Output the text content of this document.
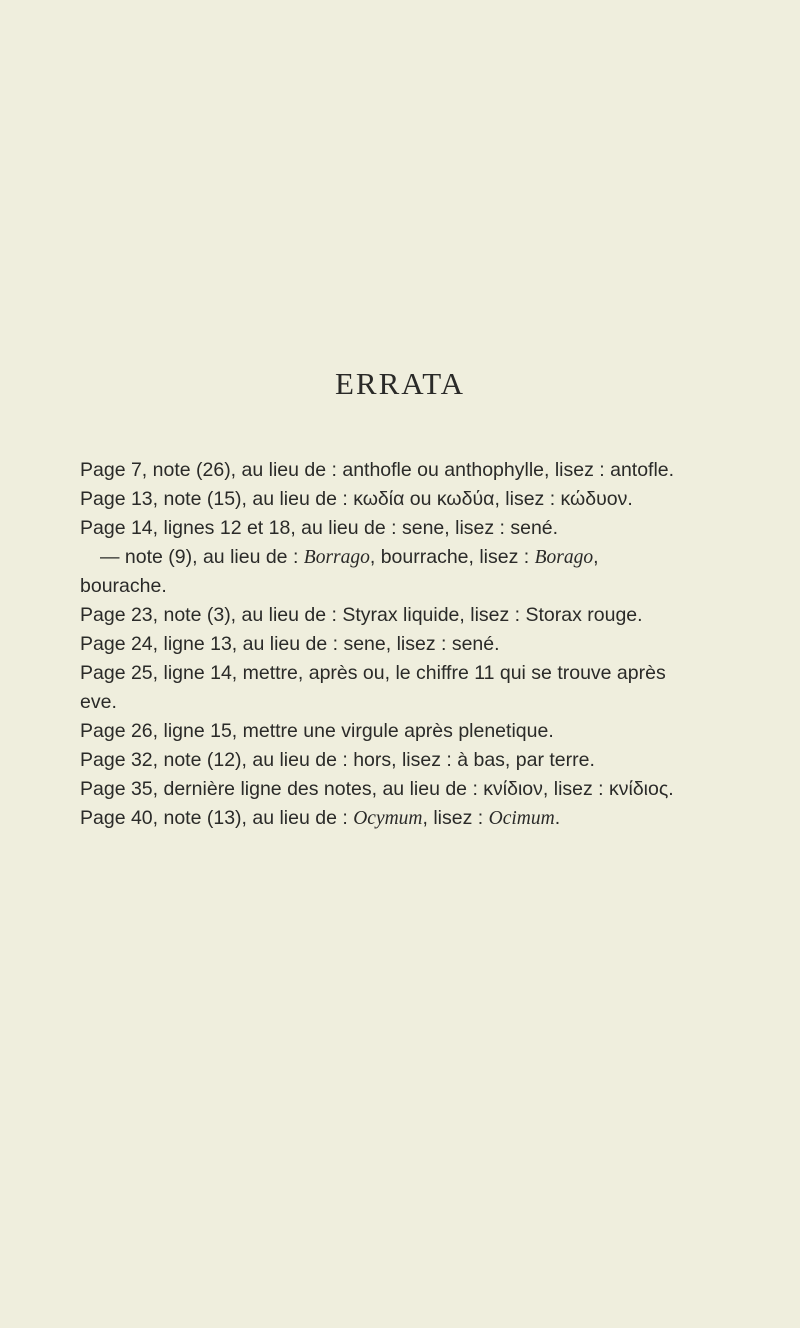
ERRATA

Page 7, note (26), au lieu de : anthofle ou anthophylle, lisez : antofle.

Page 13, note (15), au lieu de : κωδία ou κωδύα, lisez : κώδυον.

Page 14, lignes 12 et 18, au lieu de : sene, lisez : sené.

— note (9), au lieu de : Borrago, bourrache, lisez : Borago,
bourache.

Page 23, note (3), au lieu de : Styrax liquide, lisez : Storax rouge.

Page 24, ligne 13, au lieu de : sene, lisez : sené.

Page 25, ligne 14, mettre, après ou, le chiffre 11 qui se trouve après
eve.

Page 26, ligne 15, mettre une virgule après plenetique.

Page 32, note (12), au lieu de : hors, lisez : à bas, par terre.

Page 35, dernière ligne des notes, au lieu de : κνίδιον, lisez : κνίδιος.

Page 40, note (13), au lieu de : Ocymum, lisez : Ocimum.
